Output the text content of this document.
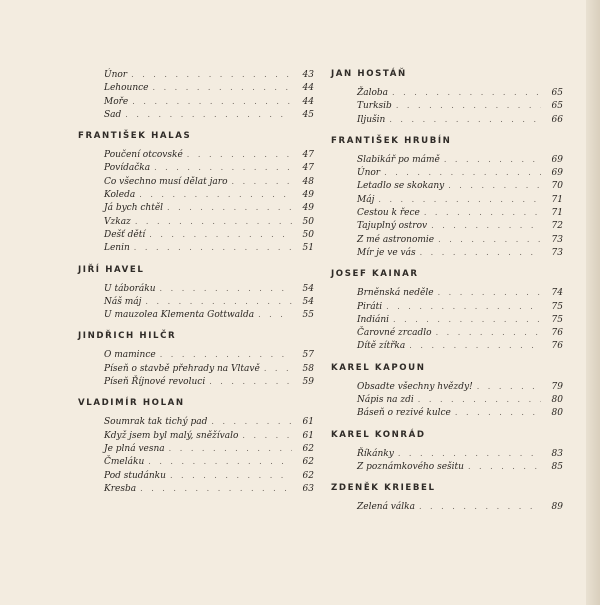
Únor . . .	43
Lehounce . . .	44
Moře . . .	44
Sad . . .	45
FRANTIŠEK HALAS
Poučení otcovské . . .	47
Povídačka . . .	47
Co všechno musí dělat jaro . . .	48
Koleda . . .	49
Já bych chtěl . . .	49
Vzkaz . . .	50
Dešť dětí . . .	50
Lenin . . .	51
JIŘÍ HAVEL
U táboráku . . .	54
Náš máj . . .	54
U mauzolea Klementa Gottwalda . . .	55
JINDŘICH HILČR
O mamince . . .	57
Píseň o stavbě přehrady na Vltavě . . .	58
Píseň Říjnové revoluci . . .	59
VLADIMÍR HOLAN
Soumrak tak tichý pad . . .	61
Když jsem byl malý, sněžívalo . . .	61
Je plná vesna . . .	62
Čmeláku . . .	62
Pod studánku . . .	62
Kresba . . .	63
JAN HOSTÁŇ
Žaloba . . .	65
Turksib . . .	65
Iljušin . . .	66
FRANTIŠEK HRUBÍN
Slabikář po mámě . . .	69
Únor . . .	69
Letadlo se skokany . . .	70
Máj . . .	71
Cestou k řece . . .	71
Tajuplný ostrov . . .	72
Z mé astronomie . . .	73
Mír je ve vás . . .	73
JOSEF KAINAR
Brněnská neděle . . .	74
Piráti . . .	75
Indiáni . . .	75
Čarovné zrcadlo . . .	76
Dítě zítřka . . .	76
KAREL KAPOUN
Obsadte všechny hvězdy! . . .	79
Nápis na zdi . . .	80
Báseň o rezivé kulce . . .	80
KAREL KONRÁD
Říkánky . . .	83
Z poznámkového sešitu . . .	85
ZDENĚK KRIEBEL
Zelená válka . . .	89
